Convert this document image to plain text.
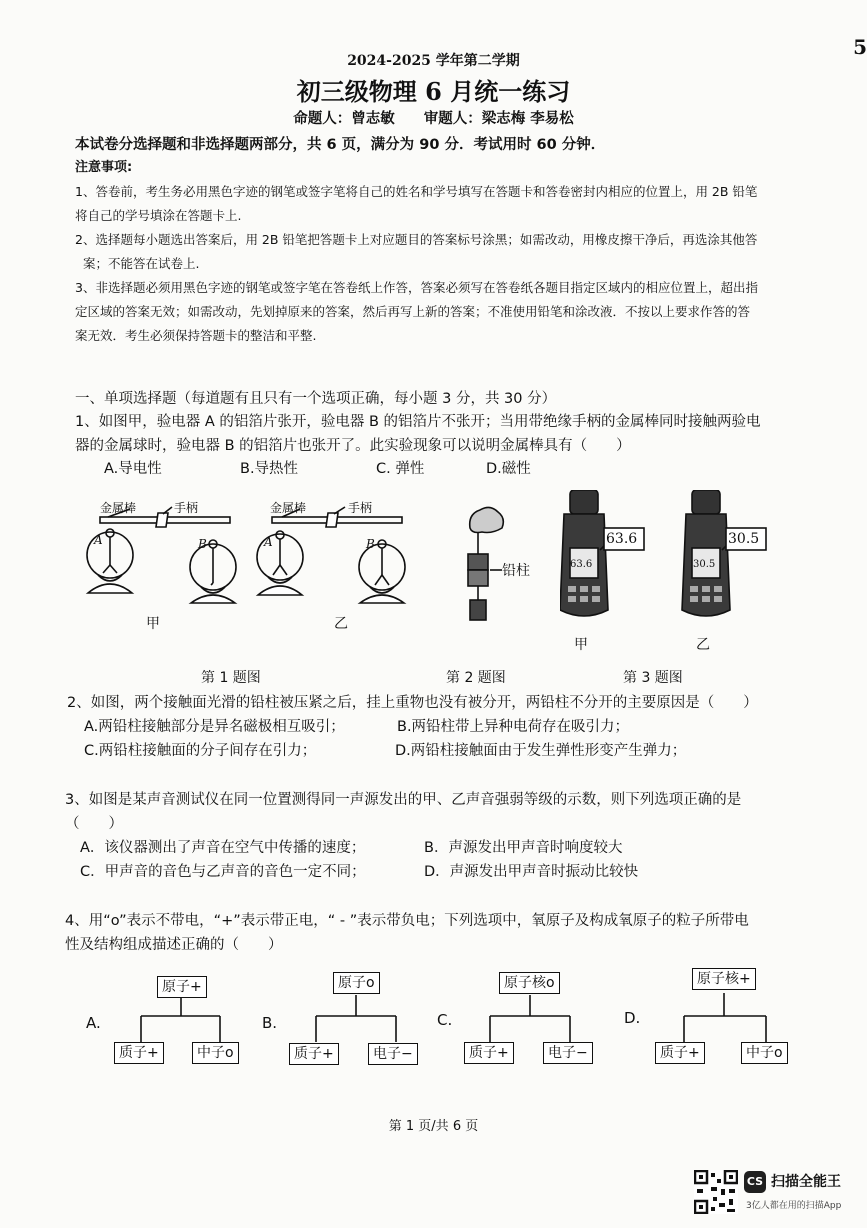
5
2024-2025 学年第二学期
初三级物理 6 月统一练习
命题人：曾志敏　　审题人：梁志梅 李易松
本试卷分选择题和非选择题两部分，共 6 页，满分为 90 分．考试用时 60 分钟．
注意事项:
1、答卷前，考生务必用黑色字迹的钢笔或签字笔将自己的姓名和学号填写在答题卡和答卷密封内相应的位置上，用 2B 铅笔
将自己的学号填涂在答题卡上.
2、选择题每小题选出答案后，用 2B 铅笔把答题卡上对应题目的答案标号涂黑；如需改动，用橡皮擦干净后，再选涂其他答
案；不能答在试卷上.
3、非选择题必须用黑色字迹的钢笔或签字笔在答卷纸上作答，答案必须写在答卷纸各题目指定区域内的相应位置上，超出指
定区域的答案无效；如需改动，先划掉原来的答案，然后再写上新的答案；不准使用铅笔和涂改液．不按以上要求作答的答
案无效．考生必须保持答题卡的整洁和平整.
一、单项选择题（每道题有且只有一个选项正确，每小题 3 分，共 30 分）
1、如图甲，验电器 A 的铝箔片张开，验电器 B 的铝箔片不张开；当用带绝缘手柄的金属棒同时接触两验电
器的金属球时，验电器 B 的铝箔片也张开了。此实验现象可以说明金属棒具有（　　）
A.导电性	B.导热性	C. 弹性	D.磁性
金属棒	手柄	金属棒	手柄
A	B	A	B
甲	乙
铅柱
63.6
63.6
30.5
30.5
甲	乙
第 1 题图	第 2 题图	第 3 题图
2、如图，两个接触面光滑的铅柱被压紧之后，挂上重物也没有被分开，两铅柱不分开的主要原因是（　　）
A.两铅柱接触部分是异名磁极相互吸引；	B.两铅柱带上异种电荷存在吸引力；
C.两铅柱接触面的分子间存在引力；	D.两铅柱接触面由于发生弹性形变产生弹力；
3、如图是某声音测试仪在同一位置测得同一声源发出的甲、乙声音强弱等级的示数，则下列选项正确的是
（　　）
A．该仪器测出了声音在空气中传播的速度；	B．声源发出甲声音时响度较大
C．甲声音的音色与乙声音的音色一定不同；	D．声源发出甲声音时振动比较快
4、用“o”表示不带电，“+”表示带正电，“ - ”表示带负电；下列选项中，氧原子及构成氧原子的粒子所带电
性及结构组成描述正确的（　　）
A.
原子+
质子+	中子o
B.
原子o
质子+	电子−
C.
原子核o
质子+	电子−
D.
原子核+
质子+	中子o
第 1 页/共 6 页
CS 扫描全能王
3亿人都在用的扫描App
